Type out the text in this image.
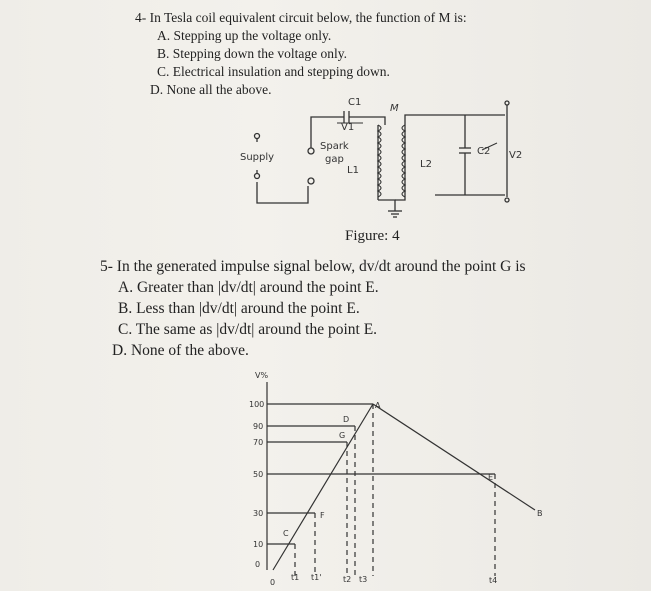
4- In Tesla coil equivalent circuit below, the function of M is:

A. Stepping up the voltage only.

B. Stepping down the voltage only.

C. Electrical insulation and stepping down.

D. None all the above.

Supply
Spark
gap
C1
V1
M
L1
L2
C2 V2
Figure: 4

5- In the generated impulse signal below, dv/dt around the point G is

A. Greater than |dv/dt| around the point E.

B. Less than |dv/dt| around the point E.

C. The same as |dv/dt| around the point E.

D. None of the above.

V%
100
90
70
50
30
10
0
A
B
C
D
E
F
G
0
t1 t1'	t2 t3	t4
